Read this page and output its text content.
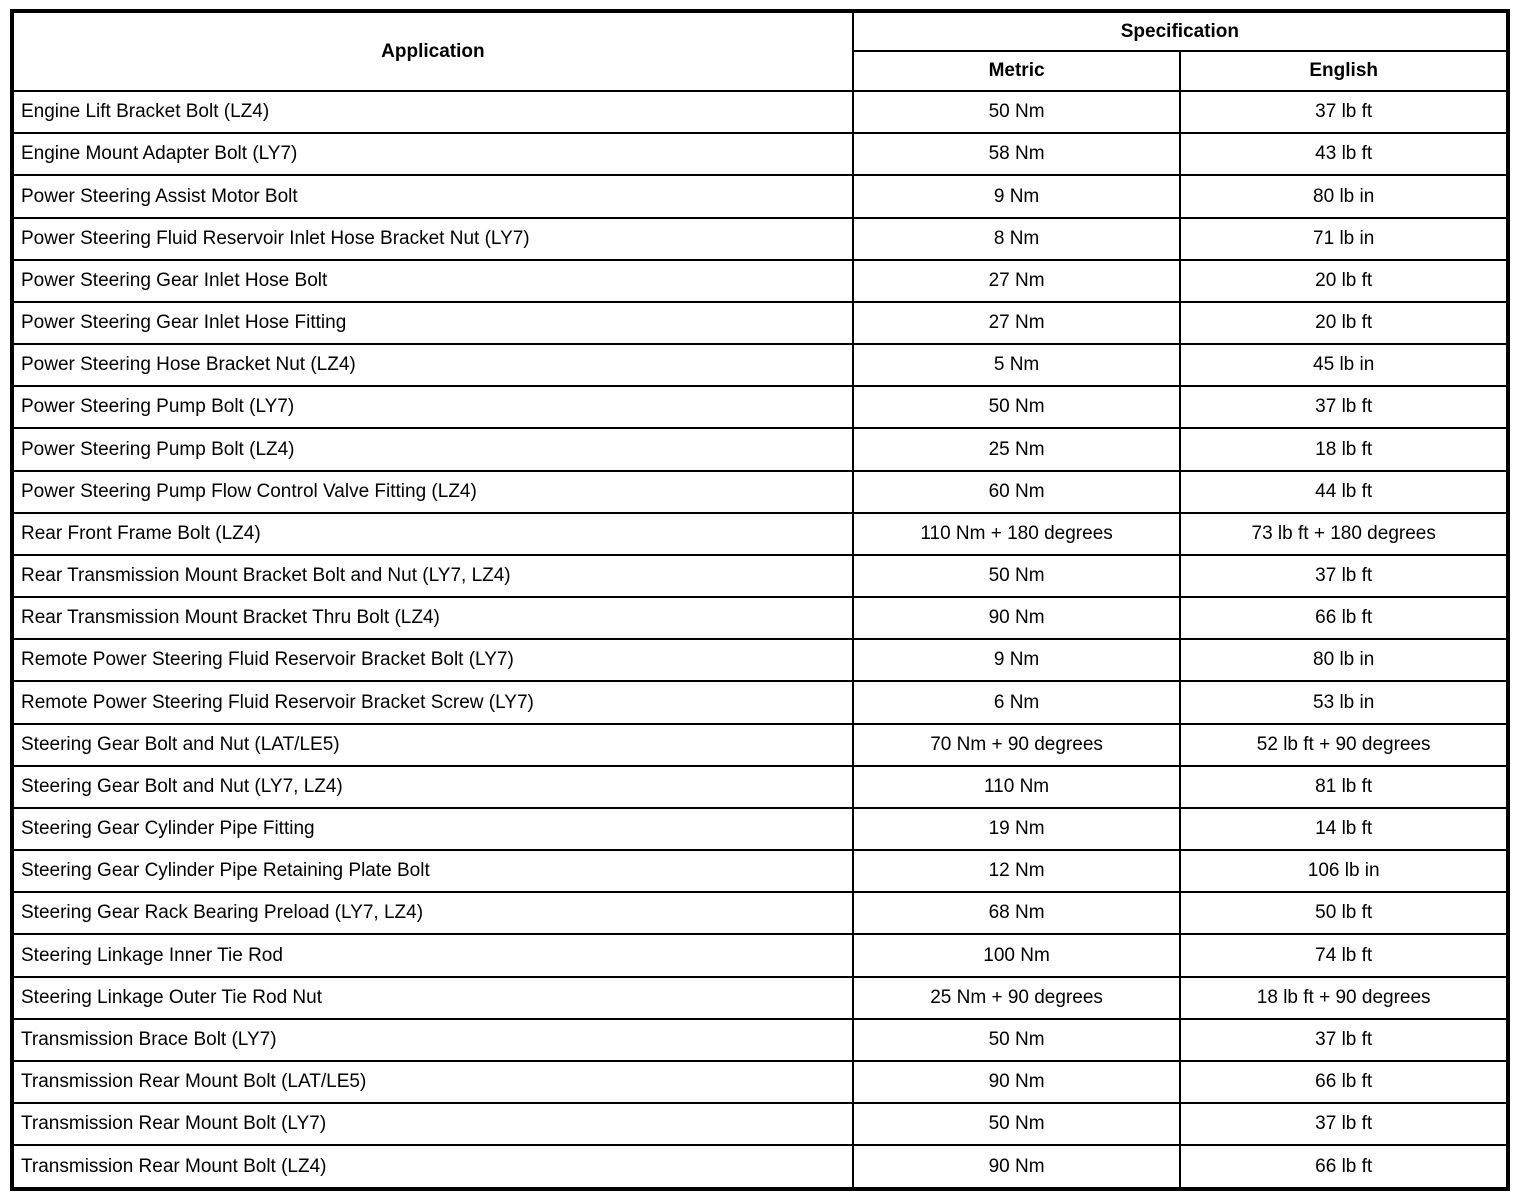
Application	Specification	
	Metric	English
Engine Lift Bracket Bolt (LZ4)	50 Nm	37 lb ft
Engine Mount Adapter Bolt (LY7)	58 Nm	43 lb ft
Power Steering Assist Motor Bolt	9 Nm	80 lb in
Power Steering Fluid Reservoir Inlet Hose Bracket Nut (LY7)	8 Nm	71 lb in
Power Steering Gear Inlet Hose Bolt	27 Nm	20 lb ft
Power Steering Gear Inlet Hose Fitting	27 Nm	20 lb ft
Power Steering Hose Bracket Nut (LZ4)	5 Nm	45 lb in
Power Steering Pump Bolt (LY7)	50 Nm	37 lb ft
Power Steering Pump Bolt (LZ4)	25 Nm	18 lb ft
Power Steering Pump Flow Control Valve Fitting (LZ4)	60 Nm	44 lb ft
Rear Front Frame Bolt (LZ4)	110 Nm + 180 degrees	73 lb ft + 180 degrees
Rear Transmission Mount Bracket Bolt and Nut (LY7, LZ4)	50 Nm	37 lb ft
Rear Transmission Mount Bracket Thru Bolt (LZ4)	90 Nm	66 lb ft
Remote Power Steering Fluid Reservoir Bracket Bolt (LY7)	9 Nm	80 lb in
Remote Power Steering Fluid Reservoir Bracket Screw (LY7)	6 Nm	53 lb in
Steering Gear Bolt and Nut (LAT/LE5)	70 Nm + 90 degrees	52 lb ft + 90 degrees
Steering Gear Bolt and Nut (LY7, LZ4)	110 Nm	81 lb ft
Steering Gear Cylinder Pipe Fitting	19 Nm	14 lb ft
Steering Gear Cylinder Pipe Retaining Plate Bolt	12 Nm	106 lb in
Steering Gear Rack Bearing Preload (LY7, LZ4)	68 Nm	50 lb ft
Steering Linkage Inner Tie Rod	100 Nm	74 lb ft
Steering Linkage Outer Tie Rod Nut	25 Nm + 90 degrees	18 lb ft + 90 degrees
Transmission Brace Bolt (LY7)	50 Nm	37 lb ft
Transmission Rear Mount Bolt (LAT/LE5)	90 Nm	66 lb ft
Transmission Rear Mount Bolt (LY7)	50 Nm	37 lb ft
Transmission Rear Mount Bolt (LZ4)	90 Nm	66 lb ft
